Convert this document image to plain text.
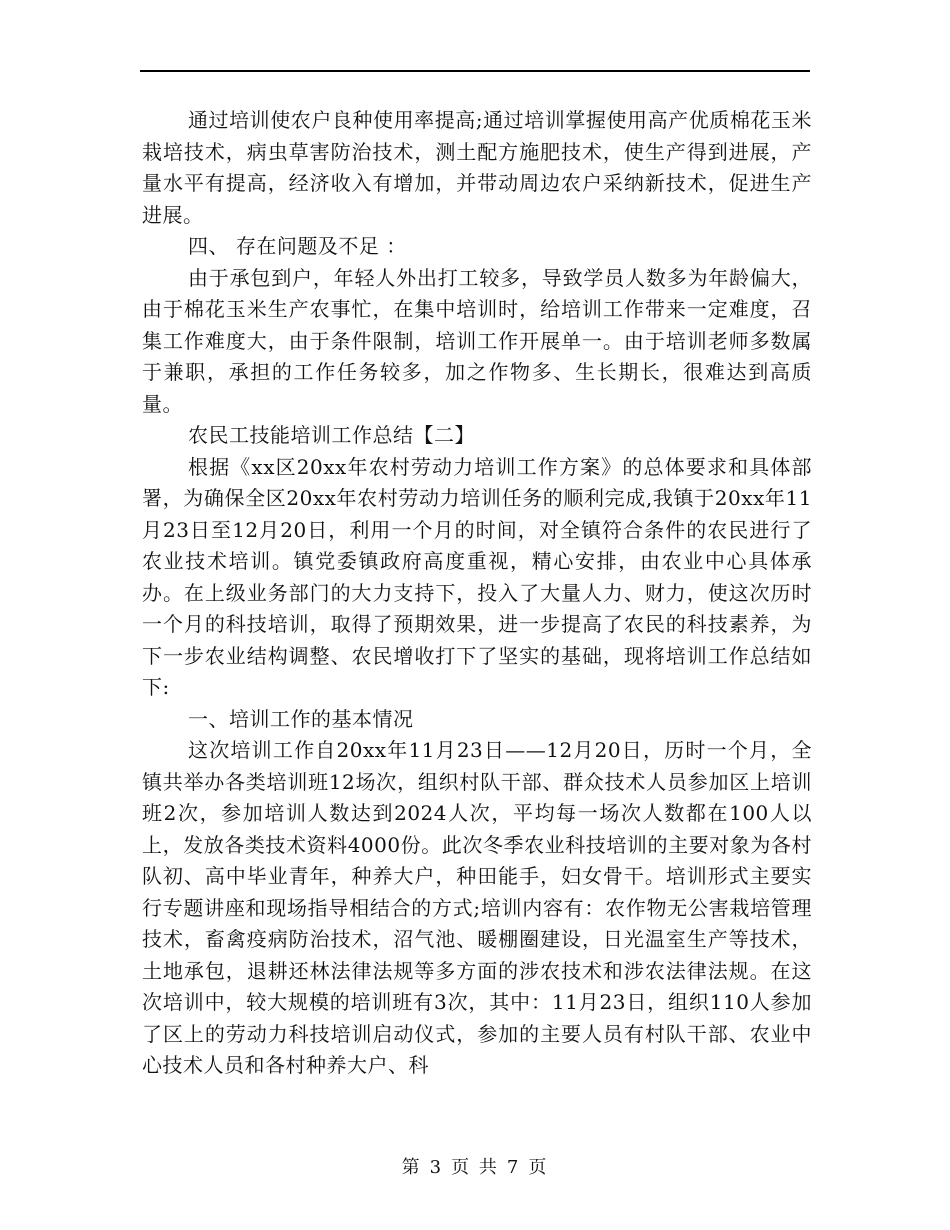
通过培训使农户良种使用率提高;通过培训掌握使用高产优质棉花玉米栽培技术，病虫草害防治技术，测土配方施肥技术，使生产得到进展，产量水平有提高，经济收入有增加，并带动周边农户采纳新技术，促进生产进展。

四、 存在问题及不足 ：

由于承包到户，年轻人外出打工较多，导致学员人数多为年龄偏大，由于棉花玉米生产农事忙，在集中培训时，给培训工作带来一定难度，召集工作难度大，由于条件限制，培训工作开展单一。由于培训老师多数属于兼职，承担的工作任务较多，加之作物多、生长期长，很难达到高质量。

农民工技能培训工作总结【二】

根据《xx区20xx年农村劳动力培训工作方案》的总体要求和具体部署，为确保全区20xx年农村劳动力培训任务的顺利完成,我镇于20xx年11月23日至12月20日，利用一个月的时间，对全镇符合条件的农民进行了农业技术培训。镇党委镇政府高度重视，精心安排，由农业中心具体承办。在上级业务部门的大力支持下，投入了大量人力、财力，使这次历时一个月的科技培训，取得了预期效果，进一步提高了农民的科技素养，为下一步农业结构调整、农民增收打下了坚实的基础，现将培训工作总结如下:

一、培训工作的基本情况

这次培训工作自20xx年11月23日——12月20日，历时一个月，全镇共举办各类培训班12场次，组织村队干部、群众技术人员参加区上培训班2次，参加培训人数达到2024人次，平均每一场次人数都在100人以上，发放各类技术资料4000份。此次冬季农业科技培训的主要对象为各村队初、高中毕业青年，种养大户，种田能手，妇女骨干。培训形式主要实行专题讲座和现场指导相结合的方式;培训内容有：农作物无公害栽培管理技术，畜禽疫病防治技术，沼气池、暖棚圈建设，日光温室生产等技术，土地承包，退耕还林法律法规等多方面的涉农技术和涉农法律法规。在这次培训中，较大规模的培训班有3次，其中：11月23日，组织110人参加了区上的劳动力科技培训启动仪式，参加的主要人员有村队干部、农业中心技术人员和各村种养大户、科

第 3 页 共 7 页
